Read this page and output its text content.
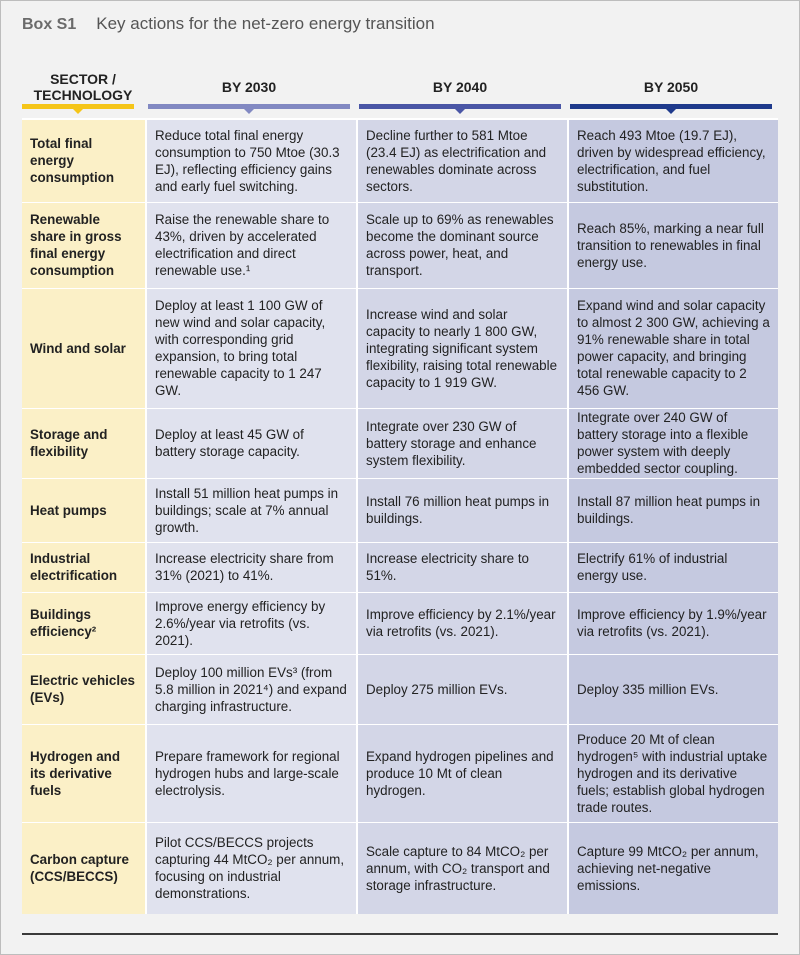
Box S1 Key actions for the net-zero energy transition
SECTOR /
TECHNOLOGY	BY 2030	BY 2040	BY 2050
Total final energy consumption	Reduce total final energy consumption to 750 Mtoe (30.3 EJ), reflecting efficiency gains and early fuel switching.	Decline further to 581 Mtoe (23.4 EJ) as electrification and renewables dominate across sectors.	Reach 493 Mtoe (19.7 EJ), driven by widespread efficiency, electrification, and fuel substitution.
Renewable share in gross final energy consumption	Raise the renewable share to 43%, driven by accelerated electrification and direct renewable use.¹	Scale up to 69% as renewables become the dominant source across power, heat, and transport.	Reach 85%, marking a near full transition to renewables in final energy use.
Wind and solar	Deploy at least 1 100 GW of new wind and solar capacity, with corresponding grid expansion, to bring total renewable capacity to 1 247 GW.	Increase wind and solar capacity to nearly 1 800 GW, integrating significant system flexibility, raising total renewable capacity to 1 919 GW.	Expand wind and solar capacity to almost 2 300 GW, achieving a 91% renewable share in total power capacity, and bringing total renewable capacity to 2 456 GW.
Storage and flexibility	Deploy at least 45 GW of battery storage capacity.	Integrate over 230 GW of battery storage and enhance system flexibility.	Integrate over 240 GW of battery storage into a flexible power system with deeply embedded sector coupling.
Heat pumps	Install 51 million heat pumps in buildings; scale at 7% annual growth.	Install 76 million heat pumps in buildings.	Install 87 million heat pumps in buildings.
Industrial electrification	Increase electricity share from 31% (2021) to 41%.	Increase electricity share to 51%.	Electrify 61% of industrial energy use.
Buildings efficiency²	Improve energy efficiency by 2.6%/year via retrofits (vs. 2021).	Improve efficiency by 2.1%/year via retrofits (vs. 2021).	Improve efficiency by 1.9%/year via retrofits (vs. 2021).
Electric vehicles (EVs)	Deploy 100 million EVs³ (from 5.8 million in 2021⁴) and expand charging infrastructure.	Deploy 275 million EVs.	Deploy 335 million EVs.
Hydrogen and its derivative fuels	Prepare framework for regional hydrogen hubs and large-scale electrolysis.	Expand hydrogen pipelines and produce 10 Mt of clean hydrogen.	Produce 20 Mt of clean hydrogen⁵ with industrial uptake hydrogen and its derivative fuels; establish global hydrogen trade routes.
Carbon capture (CCS/BECCS)	Pilot CCS/BECCS projects capturing 44 MtCO₂ per annum, focusing on industrial demonstrations.	Scale capture to 84 MtCO₂ per annum, with CO₂ transport and storage infrastructure.	Capture 99 MtCO₂ per annum, achieving net-negative emissions.
